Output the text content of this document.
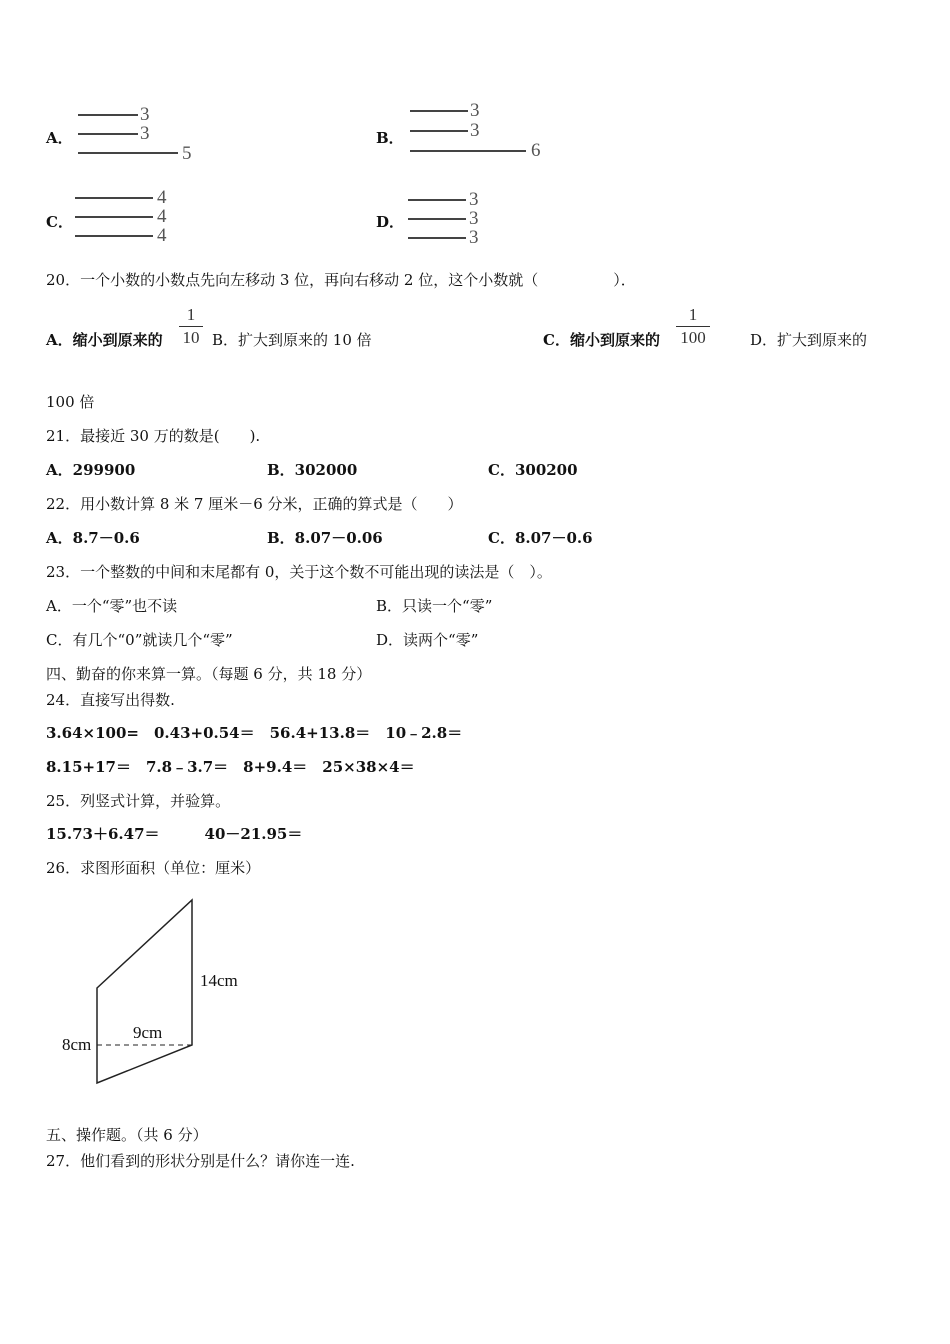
A．
3
3
5
B．
3
3
6
C．
4
4
4
D．
3
3
3
20．一个小数的小数点先向左移动 3 位，再向右移动 2 位，这个小数就（　　　　　）．
A．缩小到原来的
1
10 B．扩大到原来的 10 倍	C．缩小到原来的
1
100	D．扩大到原来的
100 倍
21．最接近 30 万的数是(　　).
A．299900	B．302000	C．300200
22．用小数计算 8 米 7 厘米－6 分米，正确的算式是（　　）
A．8.7－0.6	B．8.07－0.06	C．8.07－0.6
23．一个整数的中间和末尾都有 0，关于这个数不可能出现的读法是（　）。
A．一个“零”也不读	B．只读一个“零”
C．有几个“0”就读几个“零”	D．读两个“零”
四、勤奋的你来算一算。（每题 6 分，共 18 分）
24．直接写出得数.
3.64×100=　0.43+0.54＝　56.4+13.8＝　10﹣2.8＝
8.15+17＝　7.8﹣3.7＝　8+9.4＝　25×38×4＝
25．列竖式计算，并验算。
15.73＋6.47＝　　　40－21.95＝
26．求图形面积（单位：厘米）
14cm
9cm
8cm
五、操作题。（共 6 分）
27．他们看到的形状分别是什么？请你连一连.
